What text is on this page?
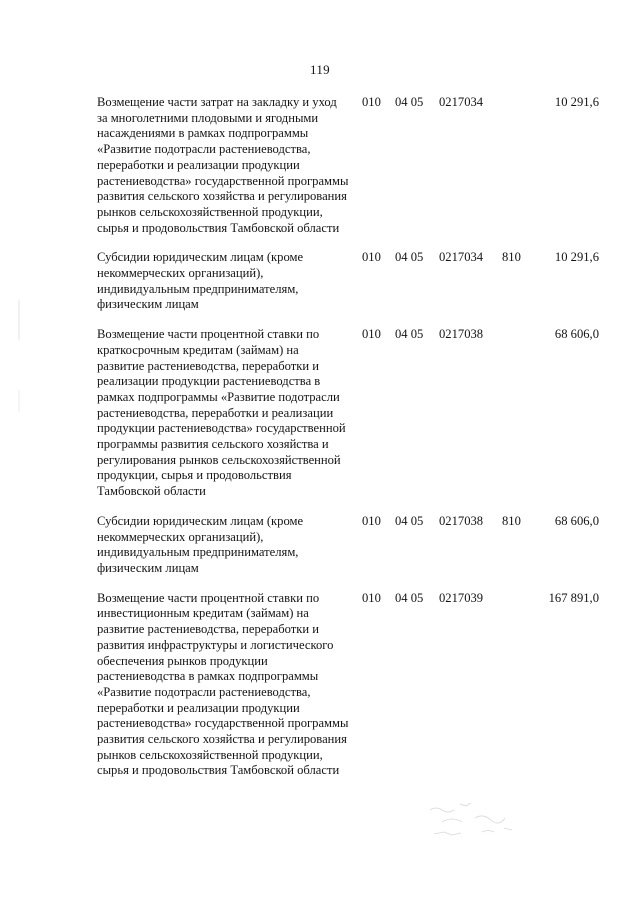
119
Возмещение части затрат на закладку и уход за многолетними плодовыми и ягодными насаждениями в рамках подпрограммы «Развитие подотрасли растениеводства, переработки и реализации продукции растениеводства» государственной программы развития сельского хозяйства и регулирования рынков сельскохозяйственной продукции, сырья и продовольствия Тамбовской области
010 04 05 0217034	10 291,6
Субсидии юридическим лицам (кроме некоммерческих организаций), индивидуальным предпринимателям, физическим лицам
010 04 05 0217034 810	10 291,6
Возмещение части процентной ставки по краткосрочным кредитам (займам) на развитие растениеводства, переработки и реализации продукции растениеводства в рамках подпрограммы «Развитие подотрасли растениеводства, переработки и реализации продукции растениеводства» государственной программы развития сельского хозяйства и регулирования рынков сельскохозяйственной продукции, сырья и продовольствия Тамбовской области
010 04 05 0217038	68 606,0
Субсидии юридическим лицам (кроме некоммерческих организаций), индивидуальным предпринимателям, физическим лицам
010 04 05 0217038 810	68 606,0
Возмещение части процентной ставки по инвестиционным кредитам (займам) на развитие растениеводства, переработки и развития инфраструктуры и логистического обеспечения рынков продукции растениеводства в рамках подпрограммы «Развитие подотрасли растениеводства, переработки и реализации продукции растениеводства» государственной программы развития сельского хозяйства и регулирования рынков сельскохозяйственной продукции, сырья и продовольствия Тамбовской области
010 04 05 0217039	167 891,0
